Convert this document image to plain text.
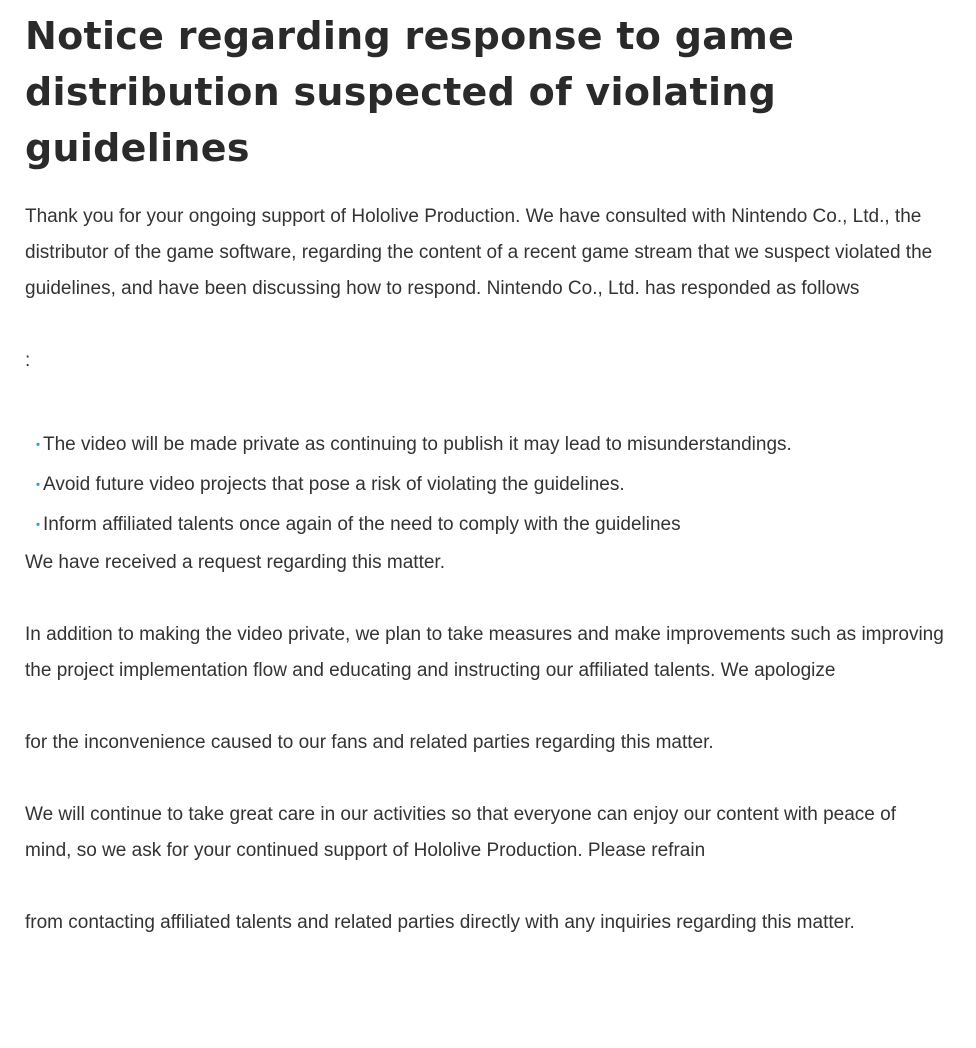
Notice regarding response to game distribution suspected of violating guidelines

Thank you for your ongoing support of Hololive Production. We have consulted with Nintendo Co., Ltd., the distributor of the game software, regarding the content of a recent game stream that we suspect violated the guidelines, and have been discussing how to respond. Nintendo Co., Ltd. has responded as follows

:

・
The video will be made private as continuing to publish it may lead to misunderstandings.
・
Avoid future video projects that pose a risk of violating the guidelines.
・
Inform affiliated talents once again of the need to comply with the guidelines

We have received a request regarding this matter.

In addition to making the video private, we plan to take measures and make improvements such as improving the project implementation flow and educating and instructing our affiliated talents. We apologize

for the inconvenience caused to our fans and related parties regarding this matter.

We will continue to take great care in our activities so that everyone can enjoy our content with peace of mind, so we ask for your continued support of Hololive Production. Please refrain

from contacting affiliated talents and related parties directly with any inquiries regarding this matter.
